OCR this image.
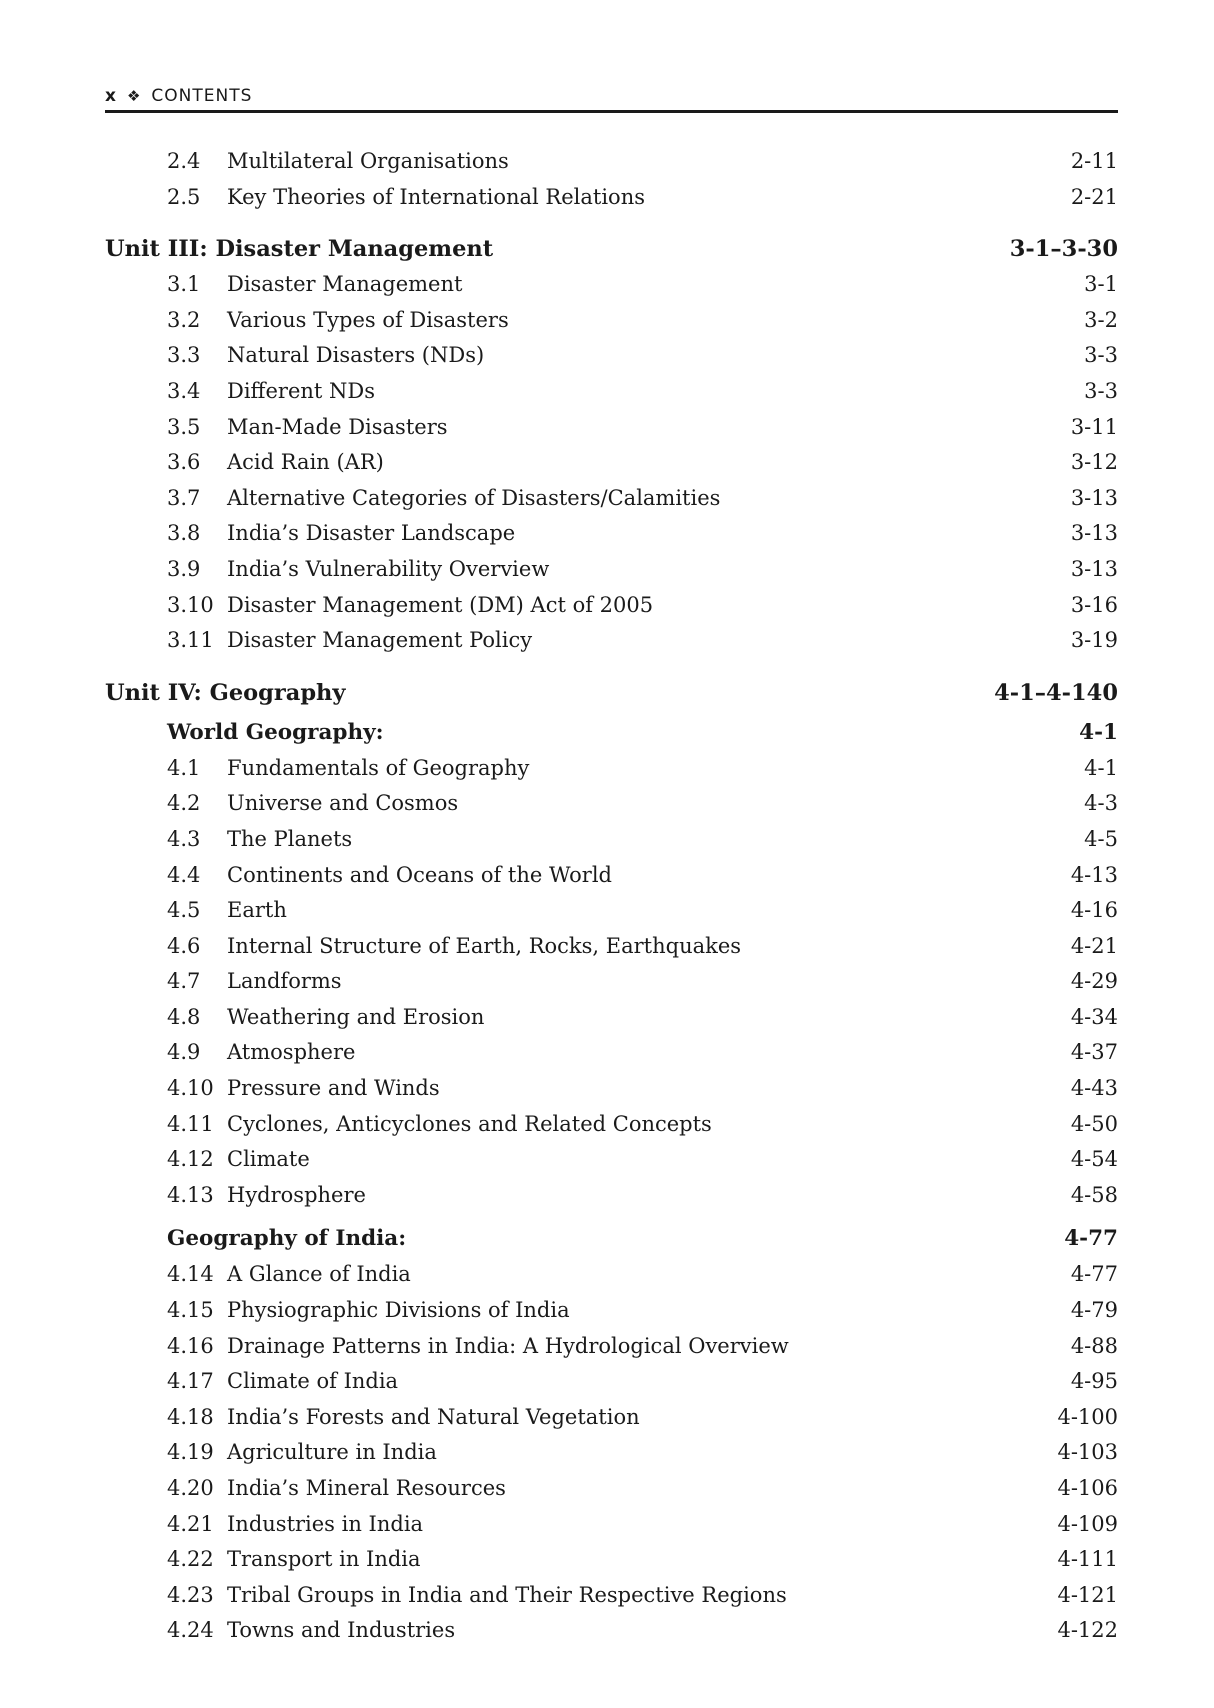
x ❖ CONTENTS
2.4	Multilateral Organisations	2-11
2.5	Key Theories of International Relations	2-21
Unit III: Disaster Management	3-1–3-30
3.1	Disaster Management	3-1
3.2	Various Types of Disasters	3-2
3.3	Natural Disasters (NDs)	3-3
3.4	Different NDs	3-3
3.5	Man-Made Disasters	3-11
3.6	Acid Rain (AR)	3-12
3.7	Alternative Categories of Disasters/Calamities	3-13
3.8	India’s Disaster Landscape	3-13
3.9	India’s Vulnerability Overview	3-13
3.10 Disaster Management (DM) Act of 2005	3-16
3.11 Disaster Management Policy	3-19
Unit IV: Geography	4-1–4-140
World Geography:	4-1
4.1	Fundamentals of Geography	4-1
4.2	Universe and Cosmos	4-3
4.3	The Planets	4-5
4.4	Continents and Oceans of the World	4-13
4.5	Earth	4-16
4.6	Internal Structure of Earth, Rocks, Earthquakes	4-21
4.7	Landforms	4-29
4.8	Weathering and Erosion	4-34
4.9	Atmosphere	4-37
4.10 Pressure and Winds	4-43
4.11 Cyclones, Anticyclones and Related Concepts	4-50
4.12 Climate	4-54
4.13 Hydrosphere	4-58
Geography of India:	4-77
4.14 A Glance of India	4-77
4.15 Physiographic Divisions of India	4-79
4.16 Drainage Patterns in India: A Hydrological Overview	4-88
4.17 Climate of India	4-95
4.18 India’s Forests and Natural Vegetation	4-100
4.19 Agriculture in India	4-103
4.20 India’s Mineral Resources	4-106
4.21 Industries in India	4-109
4.22 Transport in India	4-111
4.23 Tribal Groups in India and Their Respective Regions	4-121
4.24 Towns and Industries	4-122
